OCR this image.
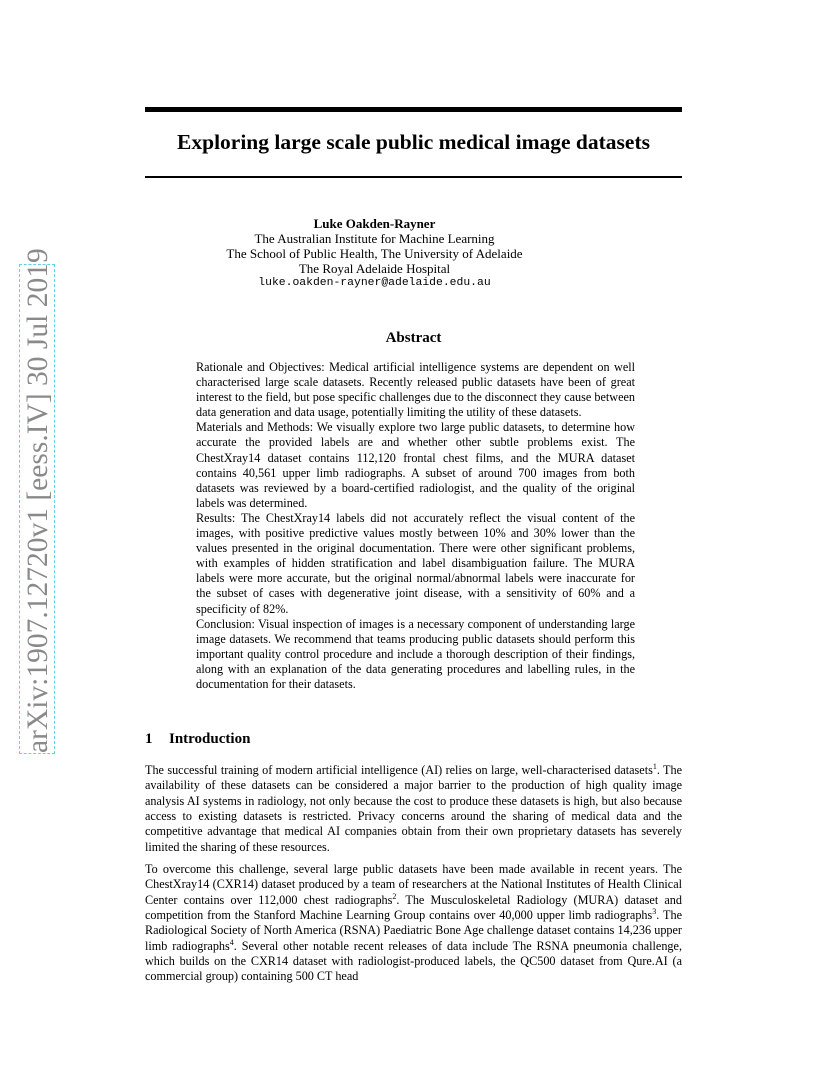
arXiv:1907.12720v1 [eess.IV] 30 Jul 2019
Exploring large scale public medical image datasets
Luke Oakden-Rayner
The Australian Institute for Machine Learning
The School of Public Health, The University of Adelaide
The Royal Adelaide Hospital
luke.oakden-rayner@adelaide.edu.au
Abstract

Rationale and Objectives: Medical artificial intelligence systems are dependent on well characterised large scale datasets. Recently released public datasets have been of great interest to the field, but pose specific challenges due to the disconnect they cause between data generation and data usage, potentially limiting the utility of these datasets.

Materials and Methods: We visually explore two large public datasets, to determine how accurate the provided labels are and whether other subtle problems exist. The ChestXray14 dataset contains 112,120 frontal chest films, and the MURA dataset contains 40,561 upper limb radiographs. A subset of around 700 images from both datasets was reviewed by a board-certified radiologist, and the quality of the original labels was determined.

Results: The ChestXray14 labels did not accurately reflect the visual content of the images, with positive predictive values mostly between 10% and 30% lower than the values presented in the original documentation. There were other significant problems, with examples of hidden stratification and label disambiguation failure. The MURA labels were more accurate, but the original normal/abnormal labels were inaccurate for the subset of cases with degenerative joint disease, with a sensitivity of 60% and a specificity of 82%.

Conclusion: Visual inspection of images is a necessary component of understanding large image datasets. We recommend that teams producing public datasets should perform this important quality control procedure and include a thorough description of their findings, along with an explanation of the data generating procedures and labelling rules, in the documentation for their datasets.

1 Introduction

The successful training of modern artificial intelligence (AI) relies on large, well-characterised datasets$^1$. The availability of these datasets can be considered a major barrier to the production of high quality image analysis AI systems in radiology, not only because the cost to produce these datasets is high, but also because access to existing datasets is restricted. Privacy concerns around the sharing of medical data and the competitive advantage that medical AI companies obtain from their own proprietary datasets has severely limited the sharing of these resources.

To overcome this challenge, several large public datasets have been made available in recent years. The ChestXray14 (CXR14) dataset produced by a team of researchers at the National Institutes of Health Clinical Center contains over 112,000 chest radiographs$^2$. The Musculoskeletal Radiology (MURA) dataset and competition from the Stanford Machine Learning Group contains over 40,000 upper limb radiographs$^3$. The Radiological Society of North America (RSNA) Paediatric Bone Age challenge dataset contains 14,236 upper limb radiographs$^4$. Several other notable recent releases of data include The RSNA pneumonia challenge, which builds on the CXR14 dataset with radiologist-produced labels, the QC500 dataset from Qure.AI (a commercial group) containing 500 CT head
